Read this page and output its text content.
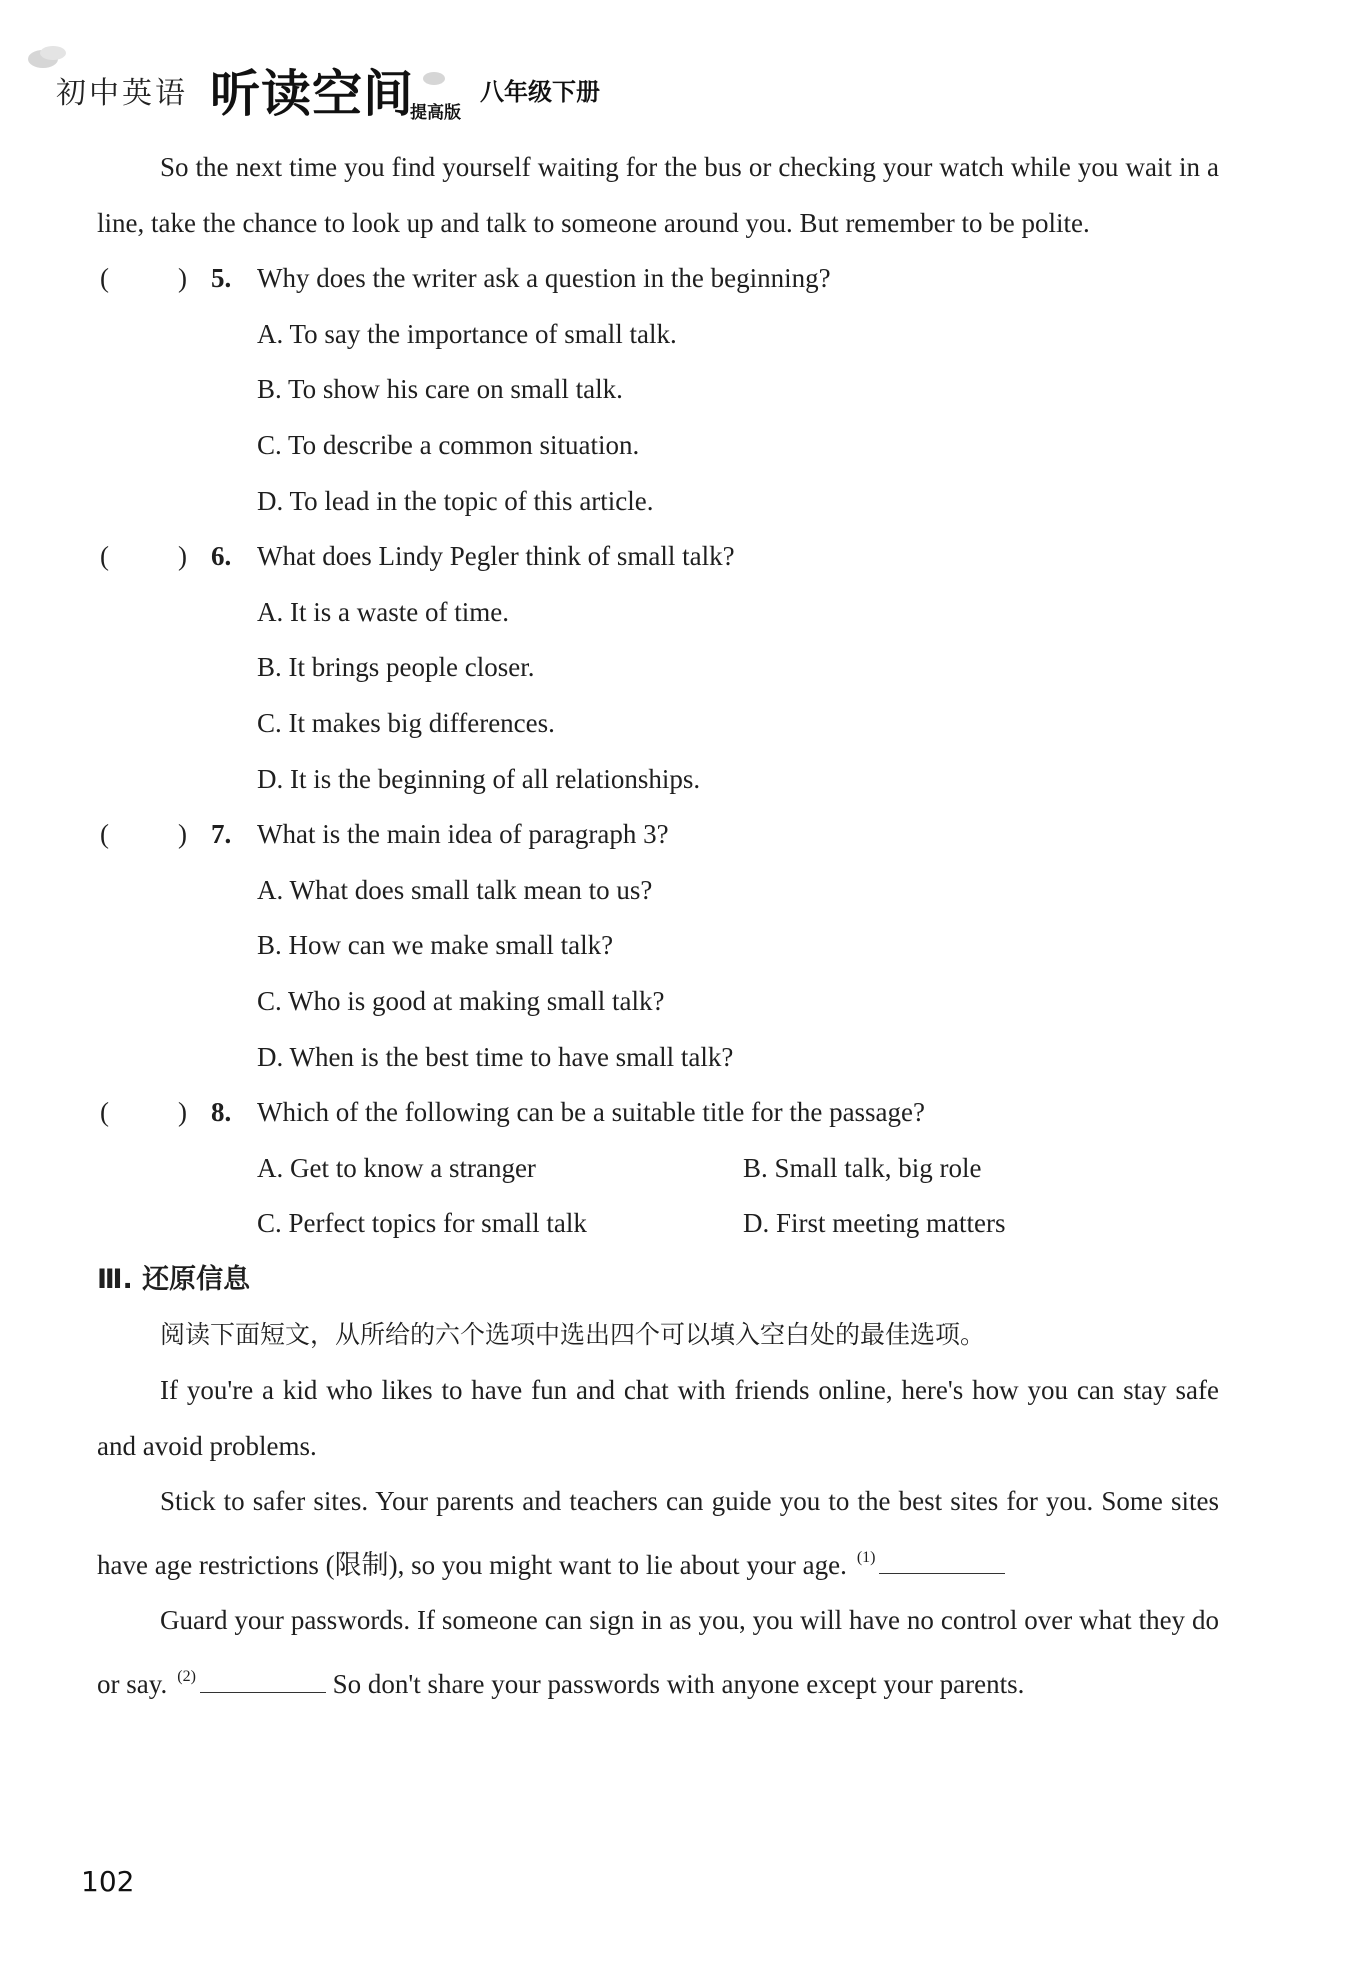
初中英语 听读空间
提高版
八年级下册

So the next time you find yourself waiting for the bus or checking your watch while you wait in a line, take the chance to look up and talk to someone around you. But remember to be polite.

(	) 5. Why does the writer ask a question in the beginning?

A. To say the importance of small talk.

B. To show his care on small talk.

C. To describe a common situation.

D. To lead in the topic of this article.

(	) 6. What does Lindy Pegler think of small talk?

A. It is a waste of time.

B. It brings people closer.

C. It makes big differences.

D. It is the beginning of all relationships.

(	) 7. What is the main idea of paragraph 3?

A. What does small talk mean to us?

B. How can we make small talk?

C. Who is good at making small talk?

D. When is the best time to have small talk?

(	) 8. Which of the following can be a suitable title for the passage?
A. Get to know a stranger	B. Small talk, big role
C. Perfect topics for small talk	D. First meeting matters

Ⅲ. 还原信息

阅读下面短文，从所给的六个选项中选出四个可以填入空白处的最佳选项。

If you're a kid who likes to have fun and chat with friends online, here's how you can stay safe and avoid problems.

Stick to safer sites. Your parents and teachers can guide you to the best sites for you. Some sites have age restrictions (限制), so you might want to lie about your age. $^{(1)}$

Guard your passwords. If someone can sign in as you, you will have no control over what they do or say. $^{(2)}$	So don't share your passwords with anyone except your parents.

102
